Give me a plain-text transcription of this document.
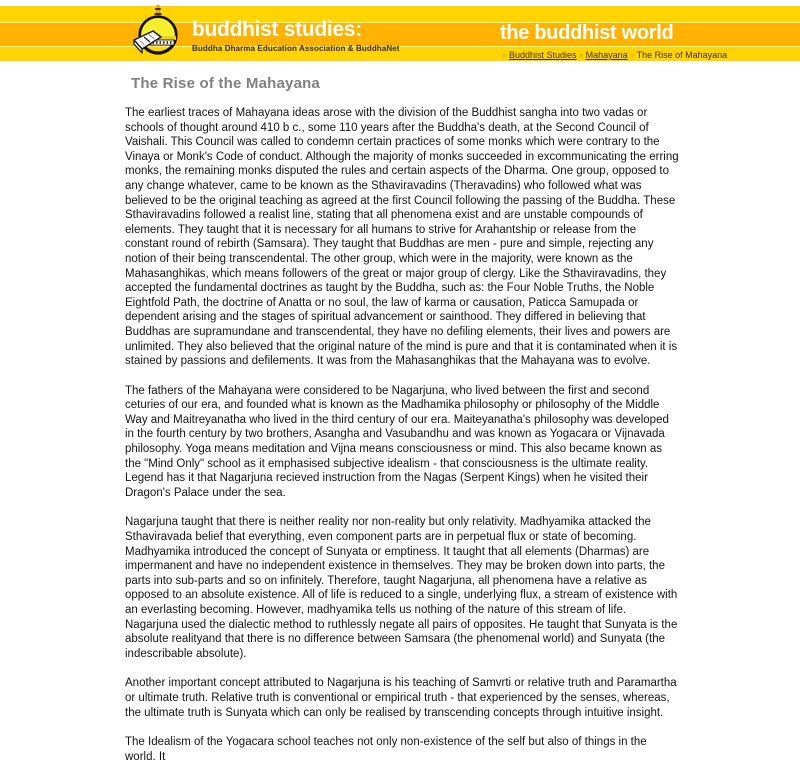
buddhist studies:
Buddha Dharma Education Association & BuddhaNet
the buddhist world
» Buddhist Studies » Mahayana » The Rise of Mahayana
The Rise of the Mahayana

The earliest traces of Mahayana ideas arose with the division of the Buddhist sangha into two vadas or schools of thought around 410 b c., some 110 years after the Buddha's death, at the Second Council of Vaishali. This Council was called to condemn certain practices of some monks which were contrary to the Vinaya or Monk's Code of conduct. Although the majority of monks succeeded in excommunicating the erring monks, the remaining monks disputed the rules and certain aspects of the Dharma. One group, opposed to any change whatever, came to be known as the Sthaviravadins (Theravadins) who followed what was believed to be the original teaching as agreed at the first Council following the passing of the Buddha. These Sthaviravadins followed a realist line, stating that all phenomena exist and are unstable compounds of elements. They taught that it is necessary for all humans to strive for Arahantship or release from the constant round of rebirth (Samsara). They taught that Buddhas are men - pure and simple, rejecting any notion of their being transcendental. The other group, which were in the majority, were known as the Mahasanghikas, which means followers of the great or major group of clergy. Like the Sthaviravadins, they accepted the fundamental doctrines as taught by the Buddha, such as: the Four Noble Truths, the Noble Eightfold Path, the doctrine of Anatta or no soul, the law of karma or causation, Paticca Samupada or dependent arising and the stages of spiritual advancement or sainthood. They differed in believing that Buddhas are supramundane and transcendental, they have no defiling elements, their lives and powers are unlimited. They also believed that the original nature of the mind is pure and that it is contaminated when it is stained by passions and defilements. It was from the Mahasanghikas that the Mahayana was to evolve.

The fathers of the Mahayana were considered to be Nagarjuna, who lived between the first and second ceturies of our era, and founded what is known as the Madhamika philosophy or philosophy of the Middle Way and Maitreyanatha who lived in the third century of our era. Maiteyanatha's philosophy was developed in the fourth century by two brothers, Asangha and Vasubandhu and was known as Yogacara or Vijnavada philosophy. Yoga means meditation and Vijna means consciousness or mind. This also became known as the "Mind Only" school as it emphasised subjective idealism - that consciousness is the ultimate reality. Legend has it that Nagarjuna recieved instruction from the Nagas (Serpent Kings) when he visited their Dragon's Palace under the sea.

Nagarjuna taught that there is neither reality nor non-reality but only relativity. Madhyamika attacked the Sthaviravada belief that everything, even component parts are in perpetual flux or state of becoming. Madhyamika introduced the concept of Sunyata or emptiness. It taught that all elements (Dharmas) are impermanent and have no independent existence in themselves. They may be broken down into parts, the parts into sub-parts and so on infinitely. Therefore, taught Nagarjuna, all phenomena have a relative as opposed to an absolute existence. All of life is reduced to a single, underlying flux, a stream of existence with an everlasting becoming. However, madhyamika tells us nothing of the nature of this stream of life. Nagarjuna used the dialectic method to ruthlessly negate all pairs of opposites. He taught that Sunyata is the absolute realityand that there is no difference between Samsara (the phenomenal world) and Sunyata (the indescribable absolute).

Another important concept attributed to Nagarjuna is his teaching of Samvrti or relative truth and Paramartha or ultimate truth. Relative truth is conventional or empirical truth - that experienced by the senses, whereas, the ultimate truth is Sunyata which can only be realised by transcending concepts through intuitive insight.

The Idealism of the Yogacara school teaches not only non-existence of the self but also of things in the world. It
